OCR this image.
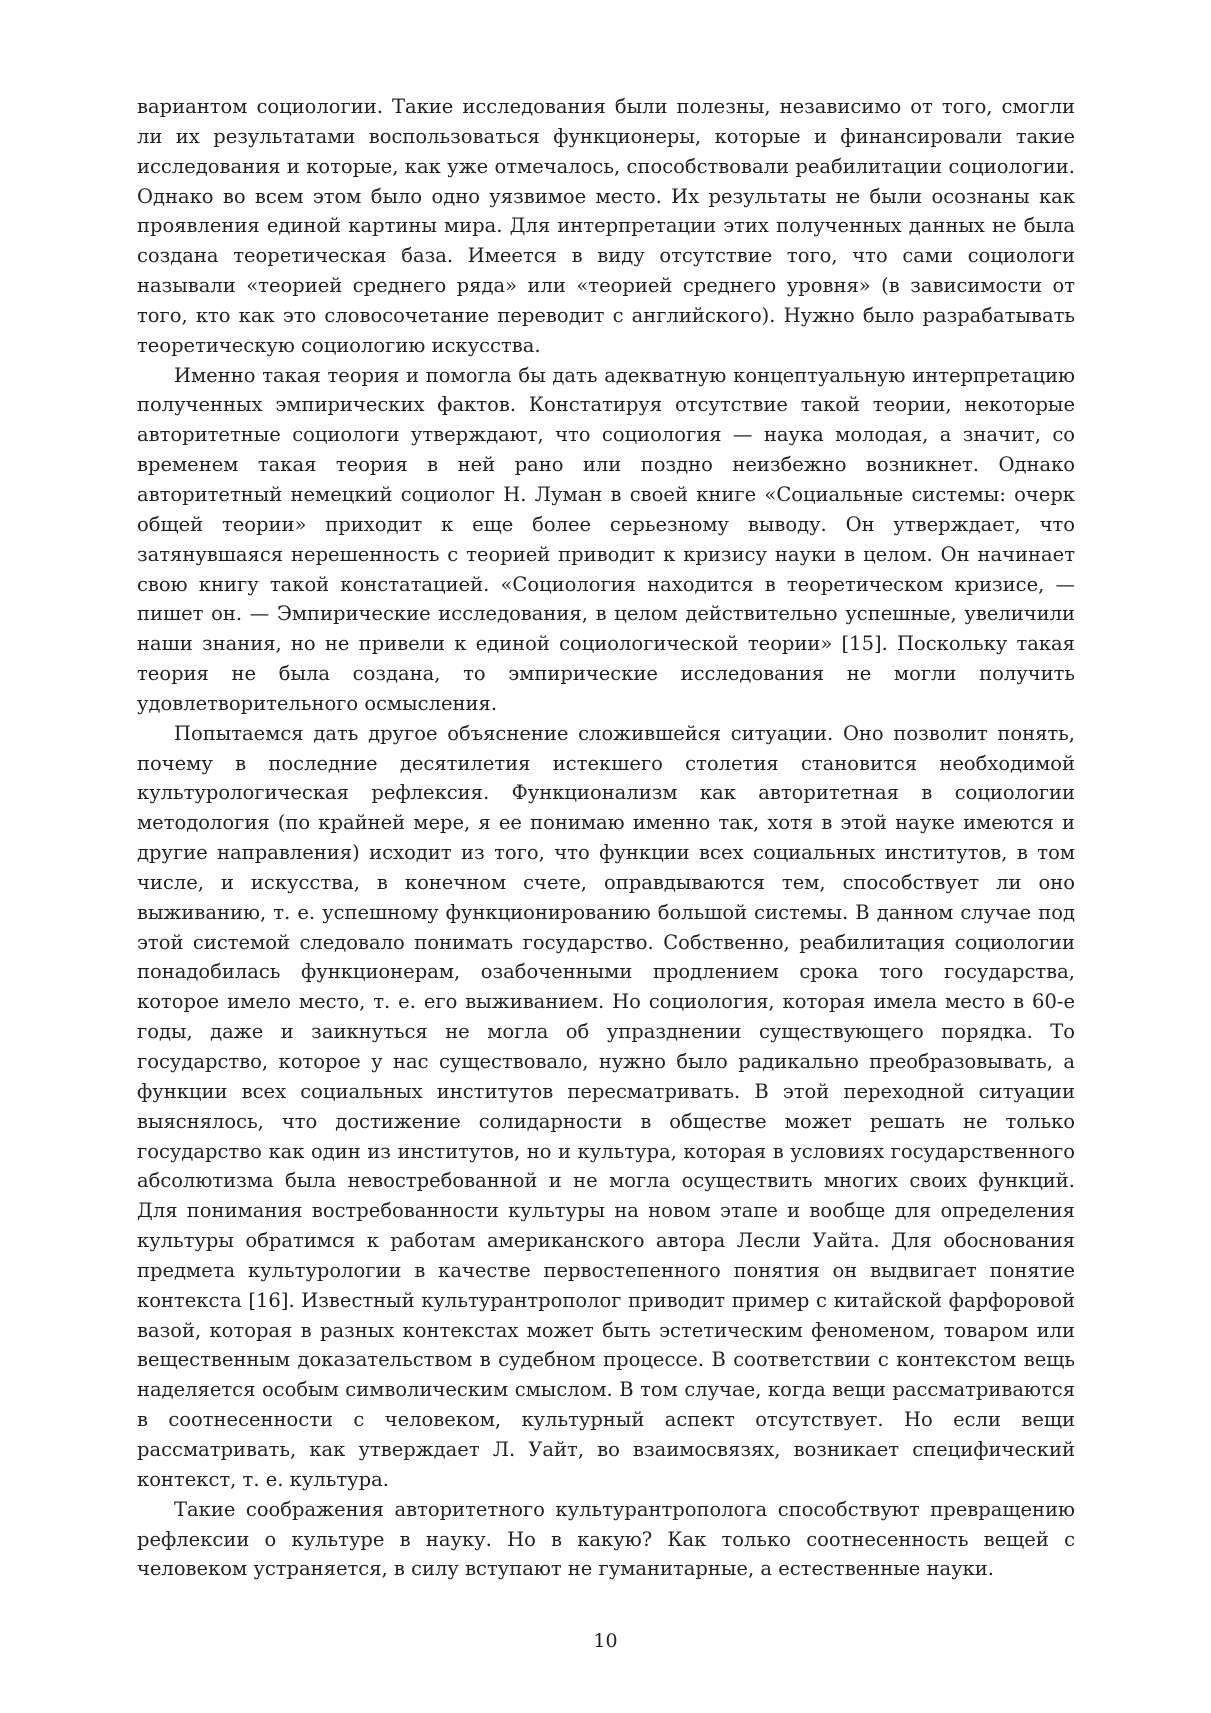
вариантом социологии. Такие исследования были полезны, независимо от того, смогли ли их результатами воспользоваться функционеры, которые и финансировали такие исследования и которые, как уже отмечалось, способствовали реабилитации социологии. Однако во всем этом было одно уязвимое место. Их результаты не были осознаны как проявления единой картины мира. Для интерпретации этих полученных данных не была создана теоретическая база. Имеется в виду отсутствие того, что сами социологи называли «теорией среднего ряда» или «теорией среднего уровня» (в зависимости от того, кто как это словосочетание переводит с английского). Нужно было разрабатывать теоретическую социологию искусства.

Именно такая теория и помогла бы дать адекватную концептуальную интерпретацию полученных эмпирических фактов. Констатируя отсутствие такой теории, некоторые авторитетные социологи утверждают, что социология — наука молодая, а значит, со временем такая теория в ней рано или поздно неизбежно возникнет. Однако авторитетный немецкий социолог Н. Луман в своей книге «Социальные системы: очерк общей теории» приходит к еще более серьезному выводу. Он утверждает, что затянувшаяся нерешенность с теорией приводит к кризису науки в целом. Он начинает свою книгу такой констатацией. «Социология находится в теоретическом кризисе, — пишет он. — Эмпирические исследования, в целом действительно успешные, увеличили наши знания, но не привели к единой социологической теории» [15]. Поскольку такая теория не была создана, то эмпирические исследования не могли получить удовлетворительного осмысления.

Попытаемся дать другое объяснение сложившейся ситуации. Оно позволит понять, почему в последние десятилетия истекшего столетия становится необходимой культурологическая рефлексия. Функционализм как авторитетная в социологии методология (по крайней мере, я ее понимаю именно так, хотя в этой науке имеются и другие направления) исходит из того, что функции всех социальных институтов, в том числе, и искусства, в конечном счете, оправдываются тем, способствует ли оно выживанию, т. е. успешному функционированию большой системы. В данном случае под этой системой следовало понимать государство. Собственно, реабилитация социологии понадобилась функционерам, озабоченными продлением срока того государства, которое имело место, т. е. его выживанием. Но социология, которая имела место в 60-е годы, даже и заикнуться не могла об упразднении существующего порядка. То государство, которое у нас существовало, нужно было радикально преобразовывать, а функции всех социальных институтов пересматривать. В этой переходной ситуации выяснялось, что достижение солидарности в обществе может решать не только государство как один из институтов, но и культура, которая в условиях государственного абсолютизма была невостребованной и не могла осуществить многих своих функций. Для понимания востребованности культуры на новом этапе и вообще для определения культуры обратимся к работам американского автора Лесли Уайта. Для обоснования предмета культурологии в качестве первостепенного понятия он выдвигает понятие контекста [16]. Известный культурантрополог приводит пример с китайской фарфоровой вазой, которая в разных контекстах может быть эстетическим феноменом, товаром или вещественным доказательством в судебном процессе. В соответствии с контекстом вещь наделяется особым символическим смыслом. В том случае, когда вещи рассматриваются в соотнесенности с человеком, культурный аспект отсутствует. Но если вещи рассматривать, как утверждает Л. Уайт, во взаимосвязях, возникает специфический контекст, т. е. культура.

Такие соображения авторитетного культурантрополога способствуют превращению рефлексии о культуре в науку. Но в какую? Как только соотнесенность вещей с человеком устраняется, в силу вступают не гуманитарные, а естественные науки.

10
